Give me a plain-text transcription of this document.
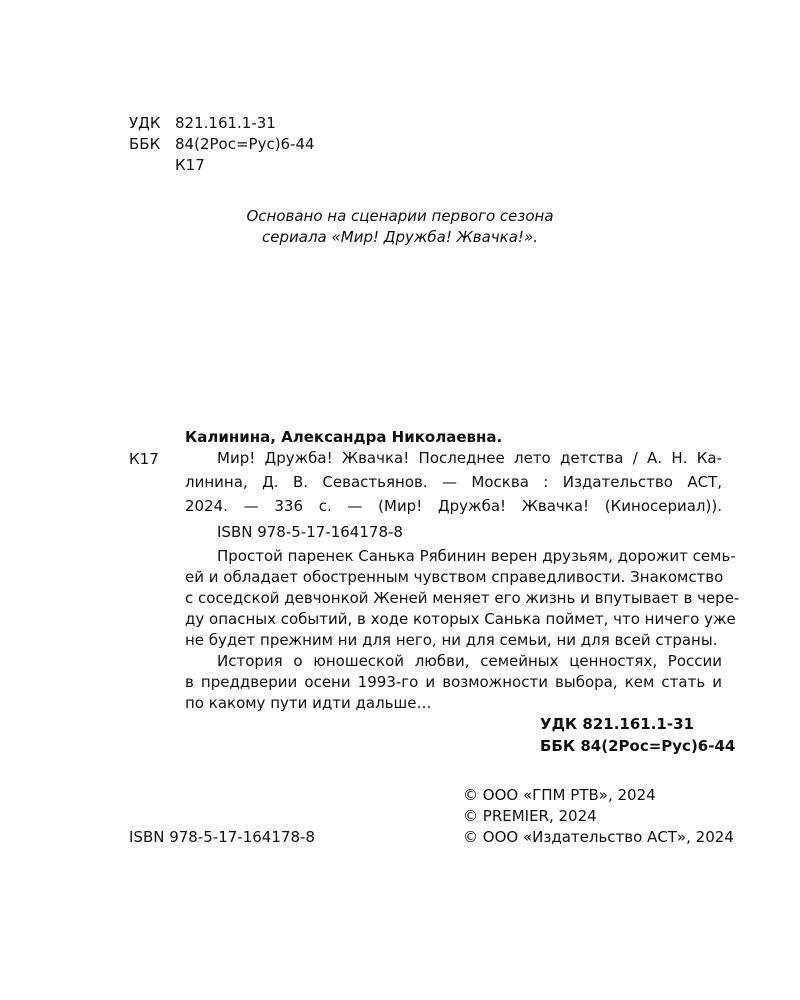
УДК 821.161.1-31
ББК 84(2Рос=Рус)6-44
К17
Основано на сценарии первого сезона
сериала «Мир! Дружба! Жвачка!».
Калинина, Александра Николаевна.
К17	Мир! Дружба! Жвачка! Последнее лето детства / А. Н. Ка-
линина, Д. В. Севастьянов. — Москва : Издательство АСТ,
2024. — 336 с. — (Мир! Дружба! Жвачка! (Киносериал)).
ISBN 978-5-17-164178-8
Простой паренек Санька Рябинин верен друзьям, дорожит семь-
ей и обладает обостренным чувством справедливости. Знакомство
с соседской девчонкой Женей меняет его жизнь и впутывает в чере-
ду опасных событий, в ходе которых Санька поймет, что ничего уже
не будет прежним ни для него, ни для семьи, ни для всей страны.
История о юношеской любви, семейных ценностях, России
в преддверии осени 1993-го и возможности выбора, кем стать и
по какому пути идти дальше…
УДК 821.161.1-31
ББК 84(2Рос=Рус)6-44
© ООО «ГПМ РТВ», 2024
© PREMIER, 2024
© ООО «Издательство АСТ», 2024
ISBN 978-5-17-164178-8
